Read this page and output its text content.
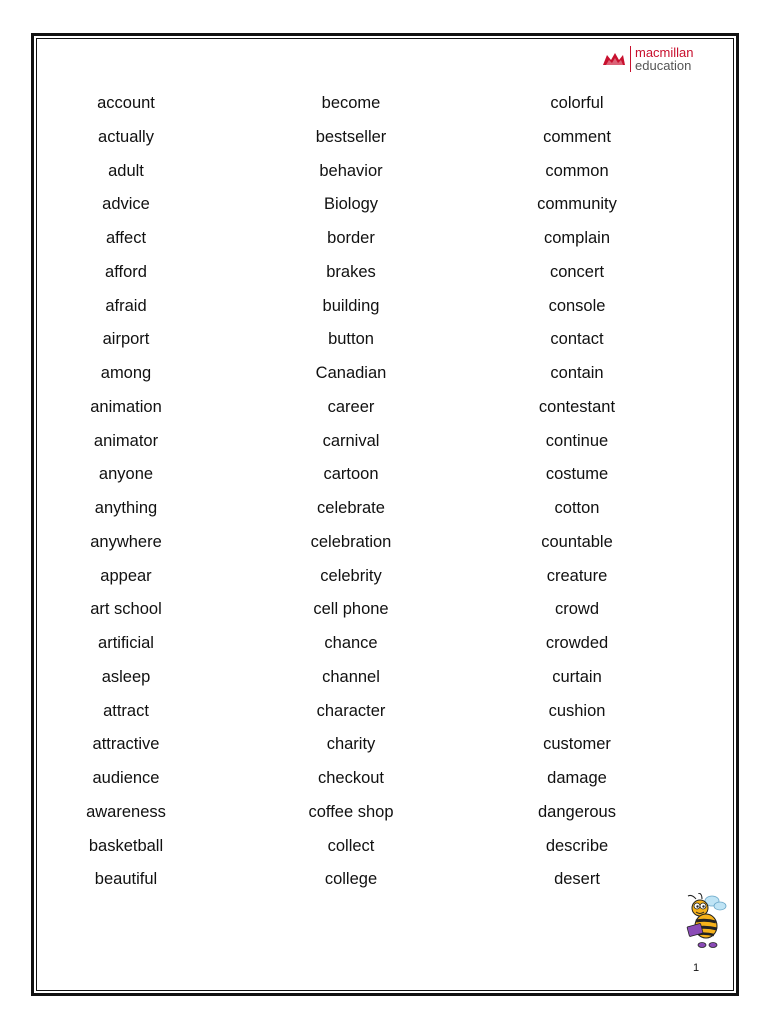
macmillan
education
account
actually
adult
advice
affect
afford
afraid
airport
among
animation
animator
anyone
anything
anywhere
appear
art school
artificial
asleep
attract
attractive
audience
awareness
basketball
beautiful
become
bestseller
behavior
Biology
border
brakes
building
button
Canadian
career
carnival
cartoon
celebrate
celebration
celebrity
cell phone
chance
channel
character
charity
checkout
coffee shop
collect
college
colorful
comment
common
community
complain
concert
console
contact
contain
contestant
continue
costume
cotton
countable
creature
crowd
crowded
curtain
cushion
customer
damage
dangerous
describe
desert
1
